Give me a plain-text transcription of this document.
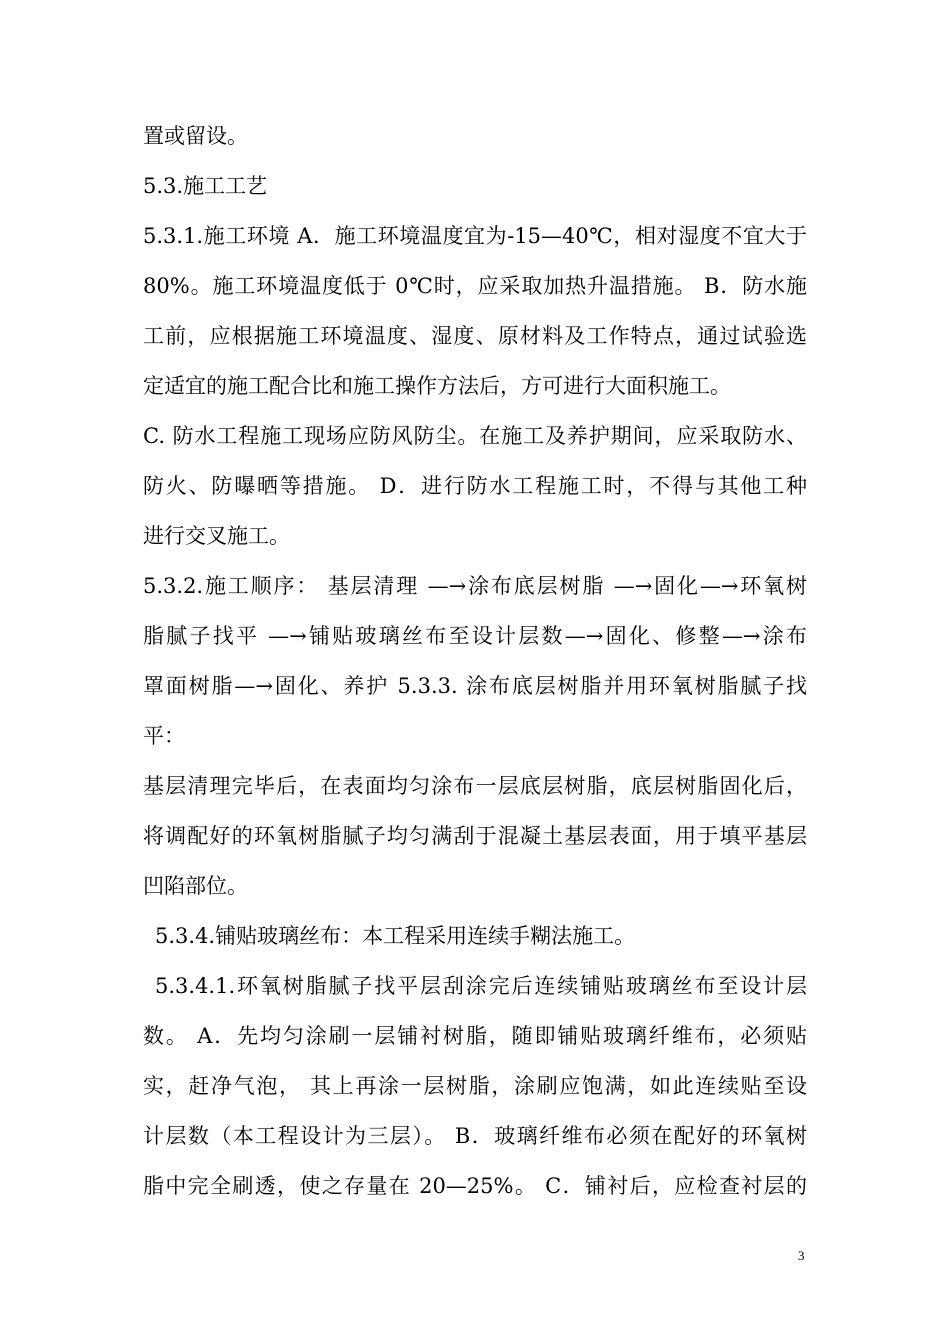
置或留设。
5.3.施工工艺
5.3.1.施工环境 A．施工环境温度宜为-15—40℃，相对湿度不宜大于
80%。施工环境温度低于 0℃时，应采取加热升温措施。 B．防水施
工前，应根据施工环境温度、湿度、原材料及工作特点，通过试验选
定适宜的施工配合比和施工操作方法后，方可进行大面积施工。
C. 防水工程施工现场应防风防尘。在施工及养护期间，应采取防水、
防火、防曝晒等措施。 D．进行防水工程施工时，不得与其他工种
进行交叉施工。
5.3.2.施工顺序： 基层清理 —→涂布底层树脂 —→固化—→环氧树
脂腻子找平 —→铺贴玻璃丝布至设计层数—→固化、修整—→涂布
罩面树脂—→固化、养护 5.3.3. 涂布底层树脂并用环氧树脂腻子找
平：
基层清理完毕后，在表面均匀涂布一层底层树脂，底层树脂固化后，
将调配好的环氧树脂腻子均匀满刮于混凝土基层表面，用于填平基层
凹陷部位。
5.3.4.铺贴玻璃丝布：本工程采用连续手糊法施工。
5.3.4.1.环氧树脂腻子找平层刮涂完后连续铺贴玻璃丝布至设计层
数。 A．先均匀涂刷一层铺衬树脂，随即铺贴玻璃纤维布，必须贴
实，赶净气泡， 其上再涂一层树脂，涂刷应饱满，如此连续贴至设
计层数（本工程设计为三层）。 B．玻璃纤维布必须在配好的环氧树
脂中完全刷透，使之存量在 20—25%。 C．铺衬后，应检查衬层的
3
